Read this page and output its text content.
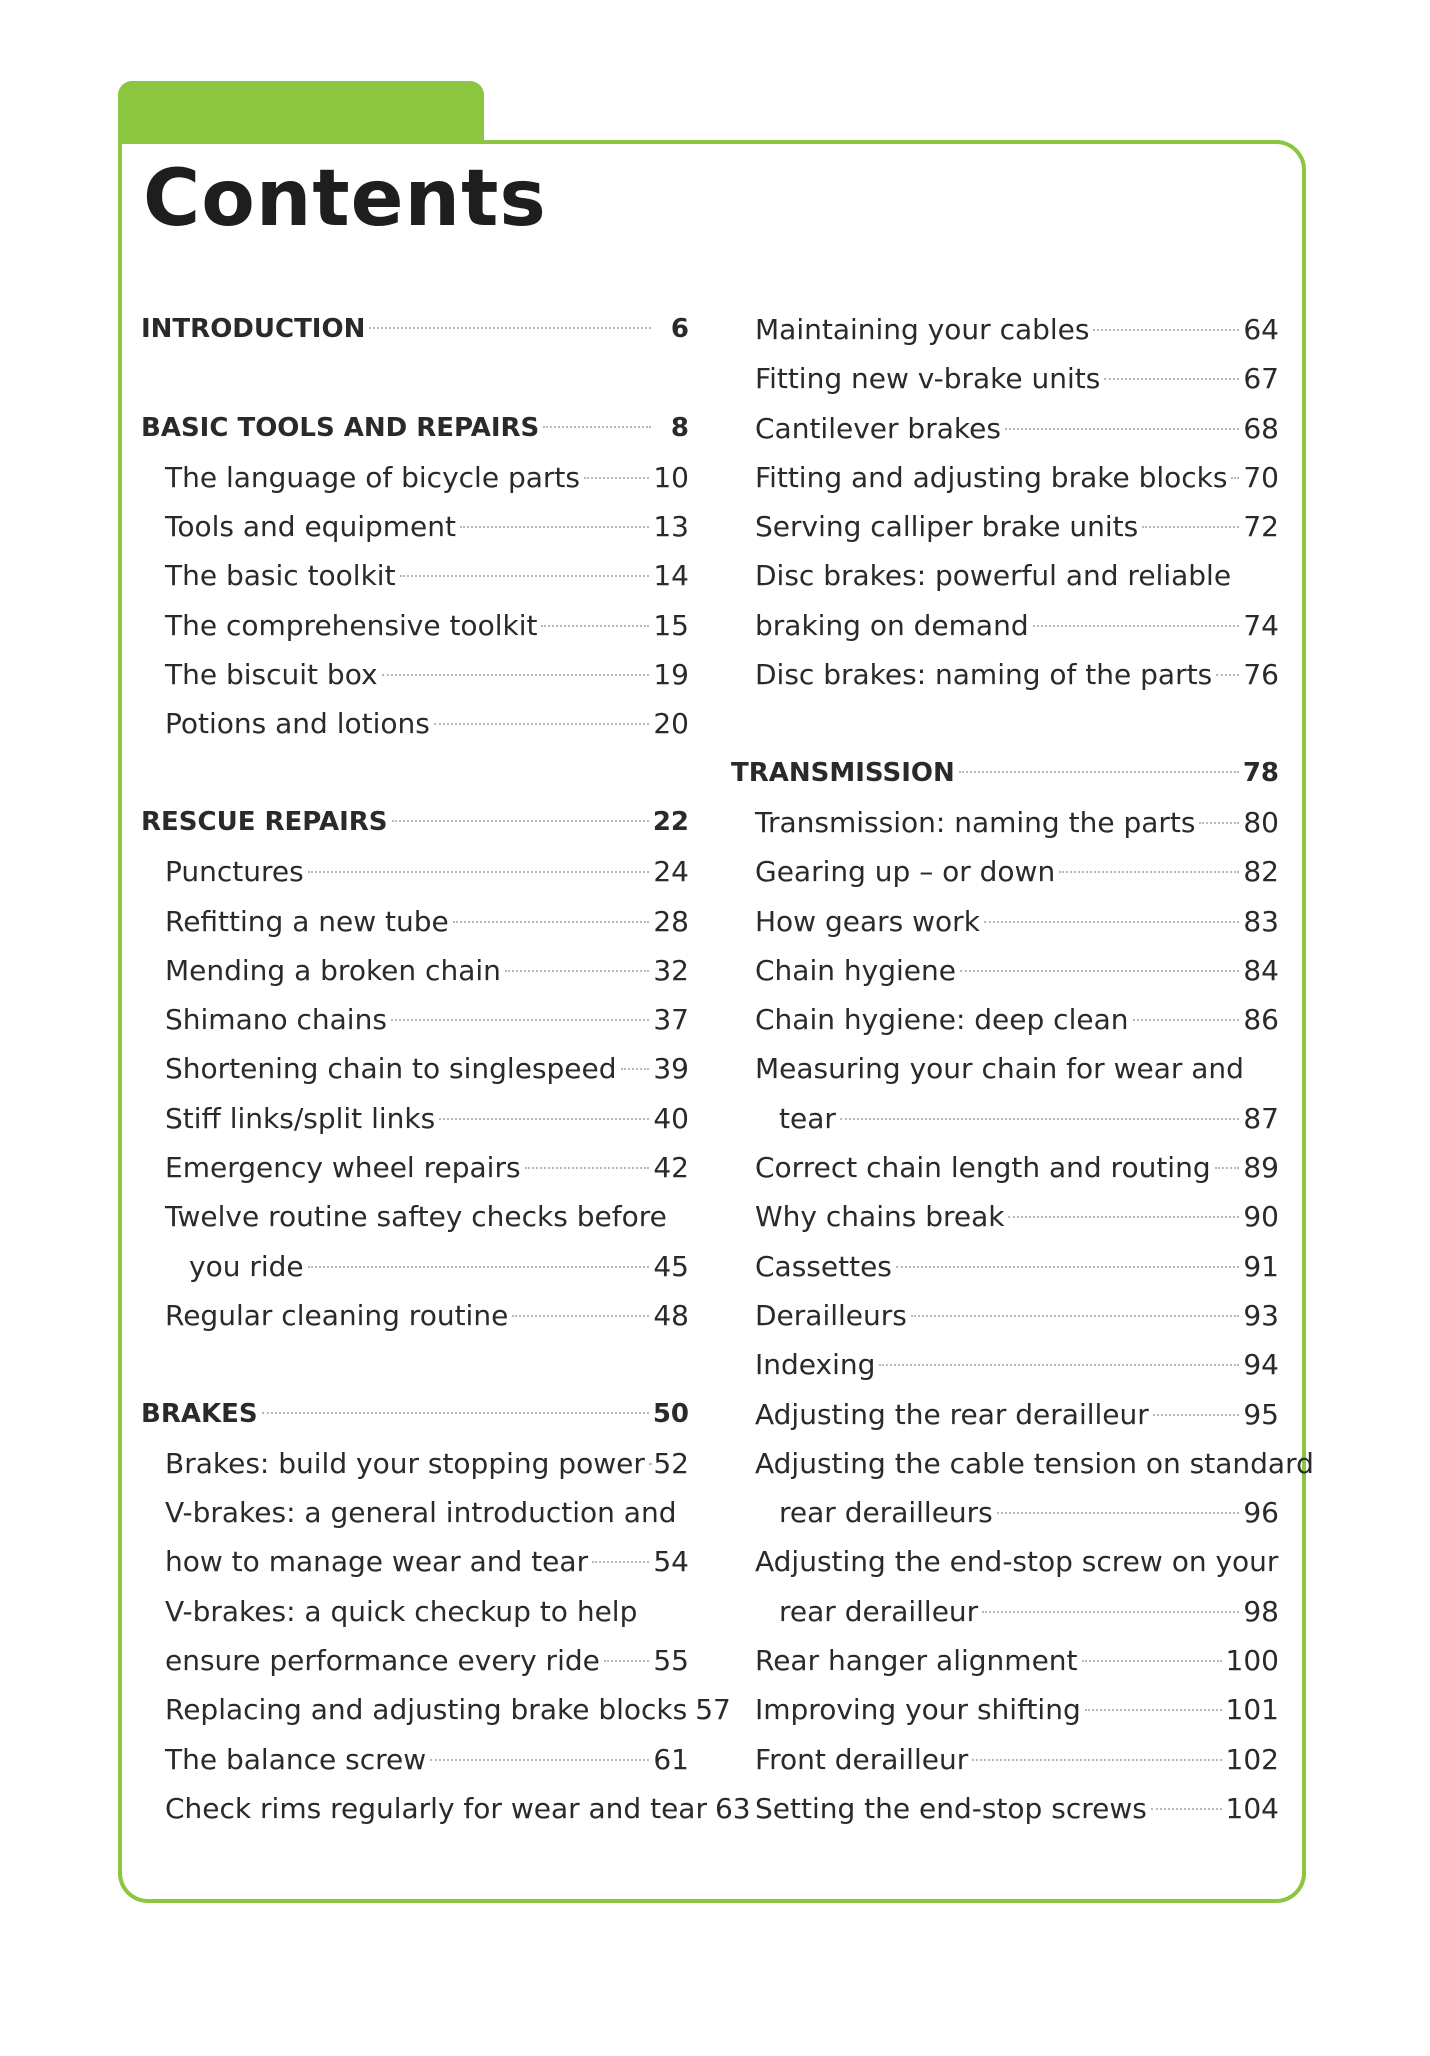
Contents
INTRODUCTION	6
BASIC TOOLS AND REPAIRS	8
The language of bicycle parts	10
Tools and equipment	13
The basic toolkit	14
The comprehensive toolkit	15
The biscuit box	19
Potions and lotions	20
RESCUE REPAIRS	22
Punctures	24
Refitting a new tube	28
Mending a broken chain	32
Shimano chains	37
Shortening chain to singlespeed 39
Stiff links/split links	40
Emergency wheel repairs	42
Twelve routine saftey checks before
you ride	45
Regular cleaning routine	48
BRAKES	50
Brakes: build your stopping power 52
V-brakes: a general introduction and
how to manage wear and tear 54
V-brakes: a quick checkup to help
ensure performance every ride 55
Replacing and adjusting brake blocks 57
The balance screw	61
Check rims regularly for wear and tear 63
Maintaining your cables	64
Fitting new v-brake units	67
Cantilever brakes	68
Fitting and adjusting brake blocks 70
Serving calliper brake units	72
Disc brakes: powerful and reliable
braking on demand	74
Disc brakes: naming of the parts 76
TRANSMISSION	78
Transmission: naming the parts 80
Gearing up – or down	82
How gears work	83
Chain hygiene	84
Chain hygiene: deep clean	86
Measuring your chain for wear and
tear	87
Correct chain length and routing 89
Why chains break	90
Cassettes	91
Derailleurs	93
Indexing	94
Adjusting the rear derailleur	95
Adjusting the cable tension on standard
rear derailleurs	96
Adjusting the end-stop screw on your
rear derailleur	98
Rear hanger alignment	100
Improving your shifting	101
Front derailleur	102
Setting the end-stop screws	104
